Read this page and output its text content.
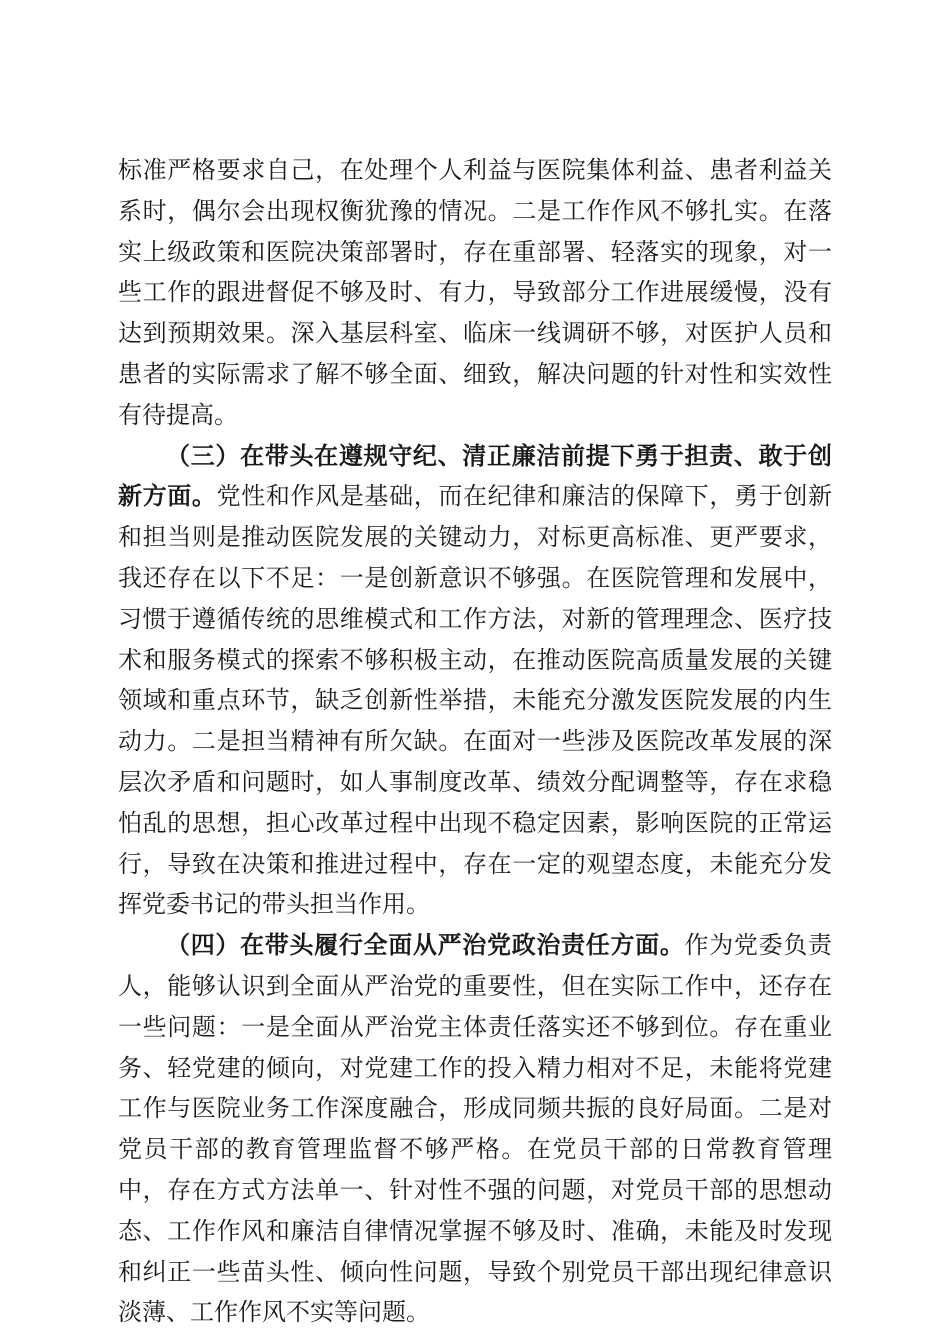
标准严格要求自己，在处理个人利益与医院集体利益、患者利益关系时，偶尔会出现权衡犹豫的情况。二是工作作风不够扎实。在落实上级政策和医院决策部署时，存在重部署、轻落实的现象，对一些工作的跟进督促不够及时、有力，导致部分工作进展缓慢，没有达到预期效果。深入基层科室、临床一线调研不够，对医护人员和患者的实际需求了解不够全面、细致，解决问题的针对性和实效性有待提高。

（三）在带头在遵规守纪、清正廉洁前提下勇于担责、敢于创新方面。党性和作风是基础，而在纪律和廉洁的保障下，勇于创新和担当则是推动医院发展的关键动力，对标更高标准、更严要求，我还存在以下不足：一是创新意识不够强。在医院管理和发展中，习惯于遵循传统的思维模式和工作方法，对新的管理理念、医疗技术和服务模式的探索不够积极主动，在推动医院高质量发展的关键领域和重点环节，缺乏创新性举措，未能充分激发医院发展的内生动力。二是担当精神有所欠缺。在面对一些涉及医院改革发展的深层次矛盾和问题时，如人事制度改革、绩效分配调整等，存在求稳怕乱的思想，担心改革过程中出现不稳定因素，影响医院的正常运行，导致在决策和推进过程中，存在一定的观望态度，未能充分发挥党委书记的带头担当作用。

（四）在带头履行全面从严治党政治责任方面。作为党委负责人，能够认识到全面从严治党的重要性，但在实际工作中，还存在一些问题：一是全面从严治党主体责任落实还不够到位。存在重业务、轻党建的倾向，对党建工作的投入精力相对不足，未能将党建工作与医院业务工作深度融合，形成同频共振的良好局面。二是对党员干部的教育管理监督不够严格。在党员干部的日常教育管理中，存在方式方法单一、针对性不强的问题，对党员干部的思想动态、工作作风和廉洁自律情况掌握不够及时、准确，未能及时发现和纠正一些苗头性、倾向性问题，导致个别党员干部出现纪律意识淡薄、工作作风不实等问题。
